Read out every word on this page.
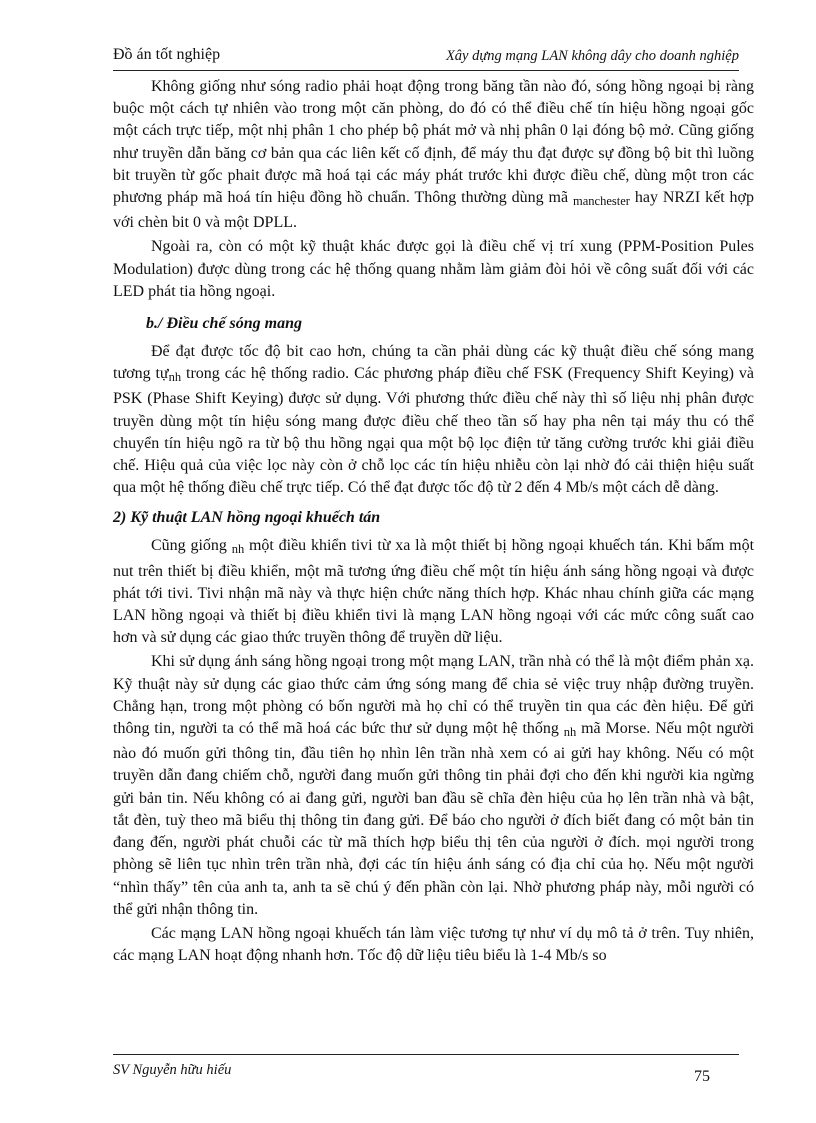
Đồ án tốt nghiệp	Xây dựng mạng LAN không dây cho doanh nghiệp

Không giống như sóng radio phải hoạt động trong băng tần nào đó, sóng hồng ngoại bị ràng buộc một cách tự nhiên vào trong một căn phòng, do đó có thể điều chế tín hiệu hồng ngoại gốc một cách trực tiếp, một nhị phân 1 cho phép bộ phát mở và nhị phân 0 lại đóng bộ mở. Cũng giống như truyền dẫn băng cơ bản qua các liên kết cố định, để máy thu đạt được sự đồng bộ bit thì luồng bit truyền từ gốc phait được mã hoá tại các máy phát trước khi được điều chế, dùng một tron các phương pháp mã hoá tín hiệu đồng hồ chuẩn. Thông thường dùng mã $_{manchester}$ hay NRZI kết hợp với chèn bit 0 và một DPLL.

Ngoài ra, còn có một kỹ thuật khác được gọi là điều chế vị trí xung (PPM-Position Pules Modulation) được dùng trong các hệ thống quang nhằm làm giảm đòi hỏi về công suất đối với các LED phát tia hồng ngoại.

b./ Điều chế sóng mang

Để đạt được tốc độ bit cao hơn, chúng ta cần phải dùng các kỹ thuật điều chế sóng mang tương tự$_{nh}$ trong các hệ thống radio. Các phương pháp điều chế FSK (Frequency Shift Keying) và PSK (Phase Shift Keying) được sử dụng. Với phương thức điều chế này thì số liệu nhị phân được truyền dùng một tín hiệu sóng mang được điều chế theo tần số hay pha nên tại máy thu có thể chuyển tín hiệu ngõ ra từ bộ thu hồng ngại qua một bộ lọc điện tử tăng cường trước khi giải điều chế. Hiệu quả của việc lọc này còn ở chỗ lọc các tín hiệu nhiễu còn lại nhờ đó cải thiện hiệu suất qua một hệ thống điều chế trực tiếp. Có thể đạt được tốc độ từ 2 đến 4 Mb/s một cách dễ dàng.

2) Kỹ thuật LAN hồng ngoại khuếch tán

Cũng giống $_{nh}$ một điều khiển tivi từ xa là một thiết bị hồng ngoại khuếch tán. Khi bấm một nut trên thiết bị điều khiển, một mã tương ứng điều chế một tín hiệu ánh sáng hồng ngoại và được phát tới tivi. Tivi nhận mã này và thực hiện chức năng thích hợp. Khác nhau chính giữa các mạng LAN hồng ngoại và thiết bị điều khiển tivi là mạng LAN hồng ngoại với các mức công suất cao hơn và sử dụng các giao thức truyền thông để truyền dữ liệu.

Khi sử dụng ánh sáng hồng ngoại trong một mạng LAN, trần nhà có thể là một điểm phản xạ. Kỹ thuật này sử dụng các giao thức cảm ứng sóng mang để chia sẻ việc truy nhập đường truyền. Chẳng hạn, trong một phòng có bốn người mà họ chỉ có thể truyền tin qua các đèn hiệu. Để gửi thông tin, người ta có thể mã hoá các bức thư sử dụng một hệ thống $_{nh}$ mã Morse. Nếu một người nào đó muốn gửi thông tin, đầu tiên họ nhìn lên trần nhà xem có ai gửi hay không. Nếu có một truyền dẫn đang chiếm chỗ, người đang muốn gửi thông tin phải đợi cho đến khi người kia ngừng gửi bản tin. Nếu không có ai đang gửi, người ban đầu sẽ chĩa đèn hiệu của họ lên trần nhà và bật, tắt đèn, tuỳ theo mã biểu thị thông tin đang gửi. Để báo cho người ở đích biết đang có một bản tin đang đến, người phát chuỗi các từ mã thích hợp biểu thị tên của người ở đích. mọi người trong phòng sẽ liên tục nhìn trên trần nhà, đợi các tín hiệu ánh sáng có địa chỉ của họ. Nếu một người “nhìn thấy” tên của anh ta, anh ta sẽ chú ý đến phần còn lại. Nhờ phương pháp này, mỗi người có thể gửi nhận thông tin.

Các mạng LAN hồng ngoại khuếch tán làm việc tương tự như ví dụ mô tả ở trên. Tuy nhiên, các mạng LAN hoạt động nhanh hơn. Tốc độ dữ liệu tiêu biểu là 1-4 Mb/s so

SV Nguyễn hữu hiếu	75
